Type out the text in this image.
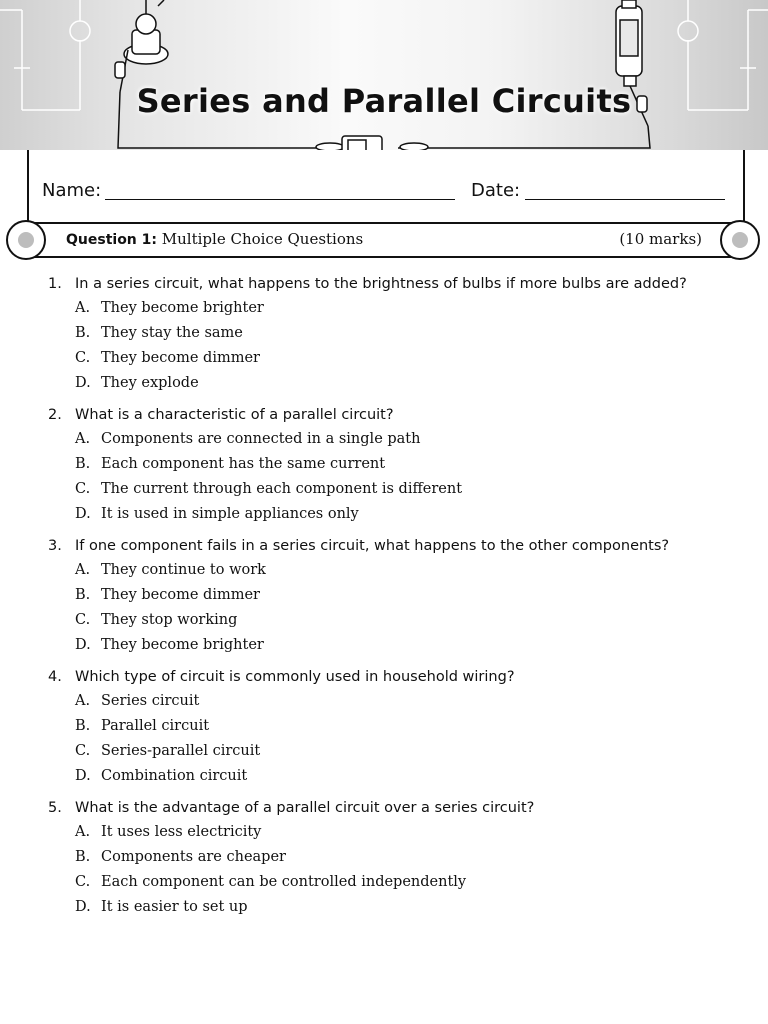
Series and Parallel Circuits
Name:	Date:
Question 1: Multiple Choice Questions	(10 marks)
1. In a series circuit, what happens to the brightness of bulbs if more bulbs are added?
A. They become brighter
B. They stay the same
C. They become dimmer
D. They explode
2. What is a characteristic of a parallel circuit?
A. Components are connected in a single path
B. Each component has the same current
C. The current through each component is different
D. It is used in simple appliances only
3. If one component fails in a series circuit, what happens to the other components?
A. They continue to work
B. They become dimmer
C. They stop working
D. They become brighter
4. Which type of circuit is commonly used in household wiring?
A. Series circuit
B. Parallel circuit
C. Series-parallel circuit
D. Combination circuit
5. What is the advantage of a parallel circuit over a series circuit?
A. It uses less electricity
B. Components are cheaper
C. Each component can be controlled independently
D. It is easier to set up
